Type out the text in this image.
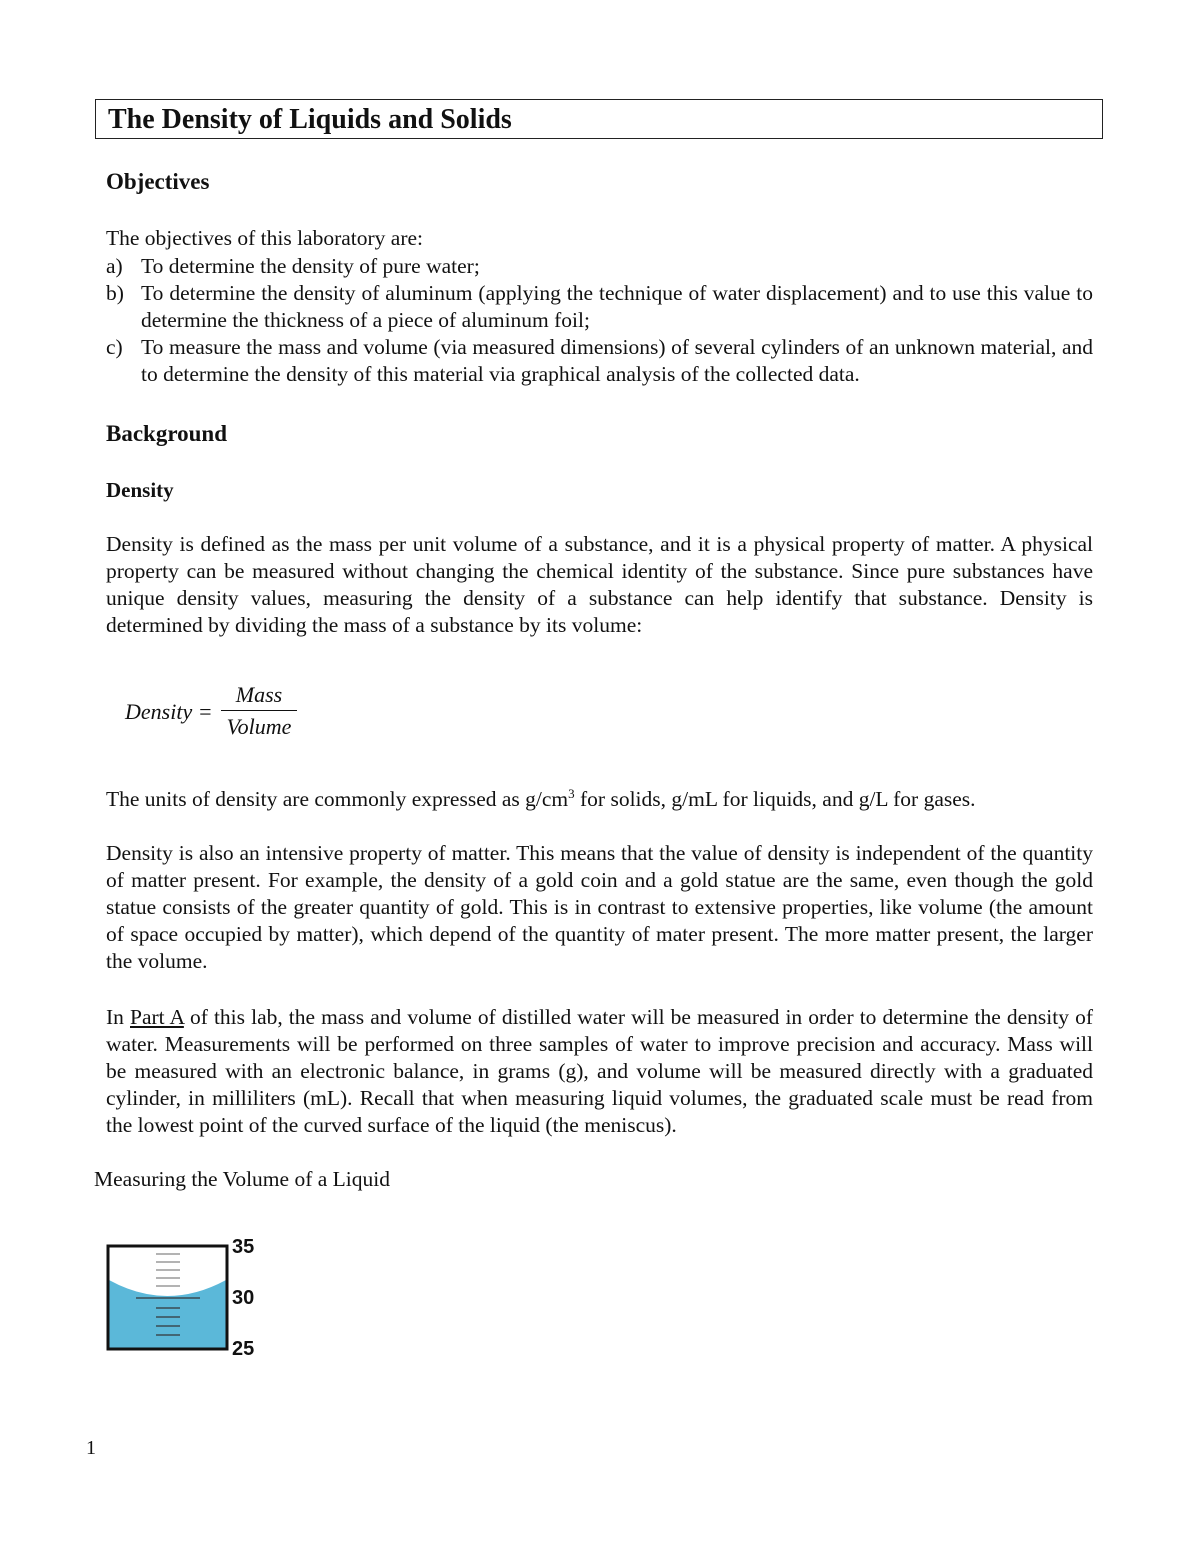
The Density of Liquids and Solids
Objectives

The objectives of this laboratory are:

a) To determine the density of pure water;
b) To determine the density of aluminum (applying the technique of water displacement) and to use this value to determine the thickness of a piece of aluminum foil;
c) To measure the mass and volume (via measured dimensions) of several cylinders of an unknown material, and to determine the density of this material via graphical analysis of the collected data.
Background
Density

Density is defined as the mass per unit volume of a substance, and it is a physical property of matter. A physical property can be measured without changing the chemical identity of the substance. Since pure substances have unique density values, measuring the density of a substance can help identify that substance. Density is determined by dividing the mass of a substance by its volume:

Density =
Mass
Volume

The units of density are commonly expressed as $g/cm^3$ for solids, g/mL for liquids, and g/L for gases.

Density is also an intensive property of matter. This means that the value of density is independent of the quantity of matter present. For example, the density of a gold coin and a gold statue are the same, even though the gold statue consists of the greater quantity of gold. This is in contrast to extensive properties, like volume (the amount of space occupied by matter), which depend of the quantity of mater present. The more matter present, the larger the volume.

In Part A of this lab, the mass and volume of distilled water will be measured in order to determine the density of water. Measurements will be performed on three samples of water to improve precision and accuracy. Mass will be measured with an electronic balance, in grams (g), and volume will be measured directly with a graduated cylinder, in milliliters (mL). Recall that when measuring liquid volumes, the graduated scale must be read from the lowest point of the curved surface of the liquid (the meniscus).

Measuring the Volume of a Liquid

35
30
25

1
